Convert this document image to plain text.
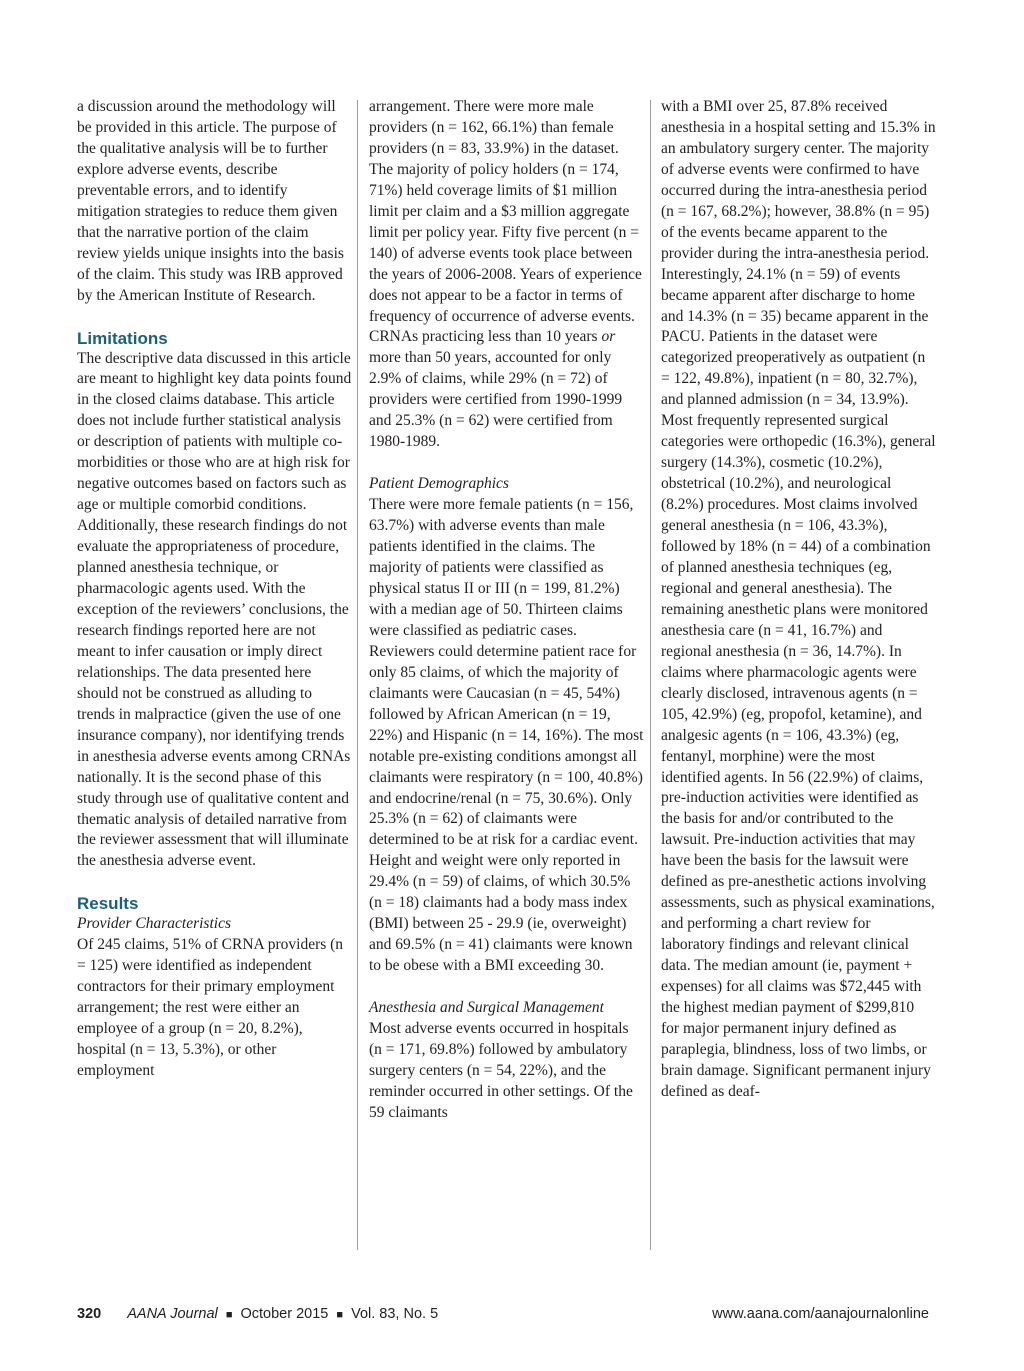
a discussion around the methodology will be provided in this article. The purpose of the qualitative analysis will be to further explore adverse events, describe preventable errors, and to identify mitigation strategies to reduce them given that the narrative portion of the claim review yields unique insights into the basis of the claim. This study was IRB approved by the American Institute of Research.

Limitations

The descriptive data discussed in this article are meant to highlight key data points found in the closed claims database. This article does not include further statistical analysis or description of patients with multiple co-morbidities or those who are at high risk for negative outcomes based on factors such as age or multiple comorbid conditions. Additionally, these research findings do not evaluate the appropriateness of procedure, planned anesthesia technique, or pharmacologic agents used. With the exception of the reviewers’ conclusions, the research findings reported here are not meant to infer causation or imply direct relationships. The data presented here should not be construed as alluding to trends in malpractice (given the use of one insurance company), nor identifying trends in anesthesia adverse events among CRNAs nationally. It is the second phase of this study through use of qualitative content and thematic analysis of detailed narrative from the reviewer assessment that will illuminate the anesthesia adverse event.

Results

Provider Characteristics

Of 245 claims, 51% of CRNA providers (n = 125) were identified as independent contractors for their primary employment arrangement; the rest were either an employee of a group (n = 20, 8.2%), hospital (n = 13, 5.3%), or other employment

arrangement. There were more male providers (n = 162, 66.1%) than female providers (n = 83, 33.9%) in the dataset. The majority of policy holders (n = 174, 71%) held coverage limits of $1 million limit per claim and a $3 million aggregate limit per policy year. Fifty five percent (n = 140) of adverse events took place between the years of 2006-2008. Years of experience does not appear to be a factor in terms of frequency of occurrence of adverse events. CRNAs practicing less than 10 years or more than 50 years, accounted for only 2.9% of claims, while 29% (n = 72) of providers were certified from 1990-1999 and 25.3% (n = 62) were certified from 1980-1989.

Patient Demographics

There were more female patients (n = 156, 63.7%) with adverse events than male patients identified in the claims. The majority of patients were classified as physical status II or III (n = 199, 81.2%) with a median age of 50. Thirteen claims were classified as pediatric cases. Reviewers could determine patient race for only 85 claims, of which the majority of claimants were Caucasian (n = 45, 54%) followed by African American (n = 19, 22%) and Hispanic (n = 14, 16%). The most notable pre-existing conditions amongst all claimants were respiratory (n = 100, 40.8%) and endocrine/renal (n = 75, 30.6%). Only 25.3% (n = 62) of claimants were determined to be at risk for a cardiac event. Height and weight were only reported in 29.4% (n = 59) of claims, of which 30.5% (n = 18) claimants had a body mass index (BMI) between 25 - 29.9 (ie, overweight) and 69.5% (n = 41) claimants were known to be obese with a BMI exceeding 30.

Anesthesia and Surgical Management

Most adverse events occurred in hospitals (n = 171, 69.8%) followed by ambulatory surgery centers (n = 54, 22%), and the reminder occurred in other settings. Of the 59 claimants

with a BMI over 25, 87.8% received anesthesia in a hospital setting and 15.3% in an ambulatory surgery center. The majority of adverse events were confirmed to have occurred during the intra-anesthesia period (n = 167, 68.2%); however, 38.8% (n = 95) of the events became apparent to the provider during the intra-anesthesia period. Interestingly, 24.1% (n = 59) of events became apparent after discharge to home and 14.3% (n = 35) became apparent in the PACU. Patients in the dataset were categorized preoperatively as outpatient (n = 122, 49.8%), inpatient (n = 80, 32.7%), and planned admission (n = 34, 13.9%). Most frequently represented surgical categories were orthopedic (16.3%), general surgery (14.3%), cosmetic (10.2%), obstetrical (10.2%), and neurological (8.2%) procedures. Most claims involved general anesthesia (n = 106, 43.3%), followed by 18% (n = 44) of a combination of planned anesthesia techniques (eg, regional and general anesthesia). The remaining anesthetic plans were monitored anesthesia care (n = 41, 16.7%) and regional anesthesia (n = 36, 14.7%). In claims where pharmacologic agents were clearly disclosed, intravenous agents (n = 105, 42.9%) (eg, propofol, ketamine), and analgesic agents (n = 106, 43.3%) (eg, fentanyl, morphine) were the most identified agents. In 56 (22.9%) of claims, pre-induction activities were identified as the basis for and/or contributed to the lawsuit. Pre-induction activities that may have been the basis for the lawsuit were defined as pre-anesthetic actions involving assessments, such as physical examinations, and performing a chart review for laboratory findings and relevant clinical data. The median amount (ie, payment + expenses) for all claims was $72,445 with the highest median payment of $299,810 for major permanent injury defined as paraplegia, blindness, loss of two limbs, or brain damage. Significant permanent injury defined as deaf-

320 AANA Journal ■ October 2015 ■ Vol. 83, No. 5	www.aana.com/aanajournalonline
